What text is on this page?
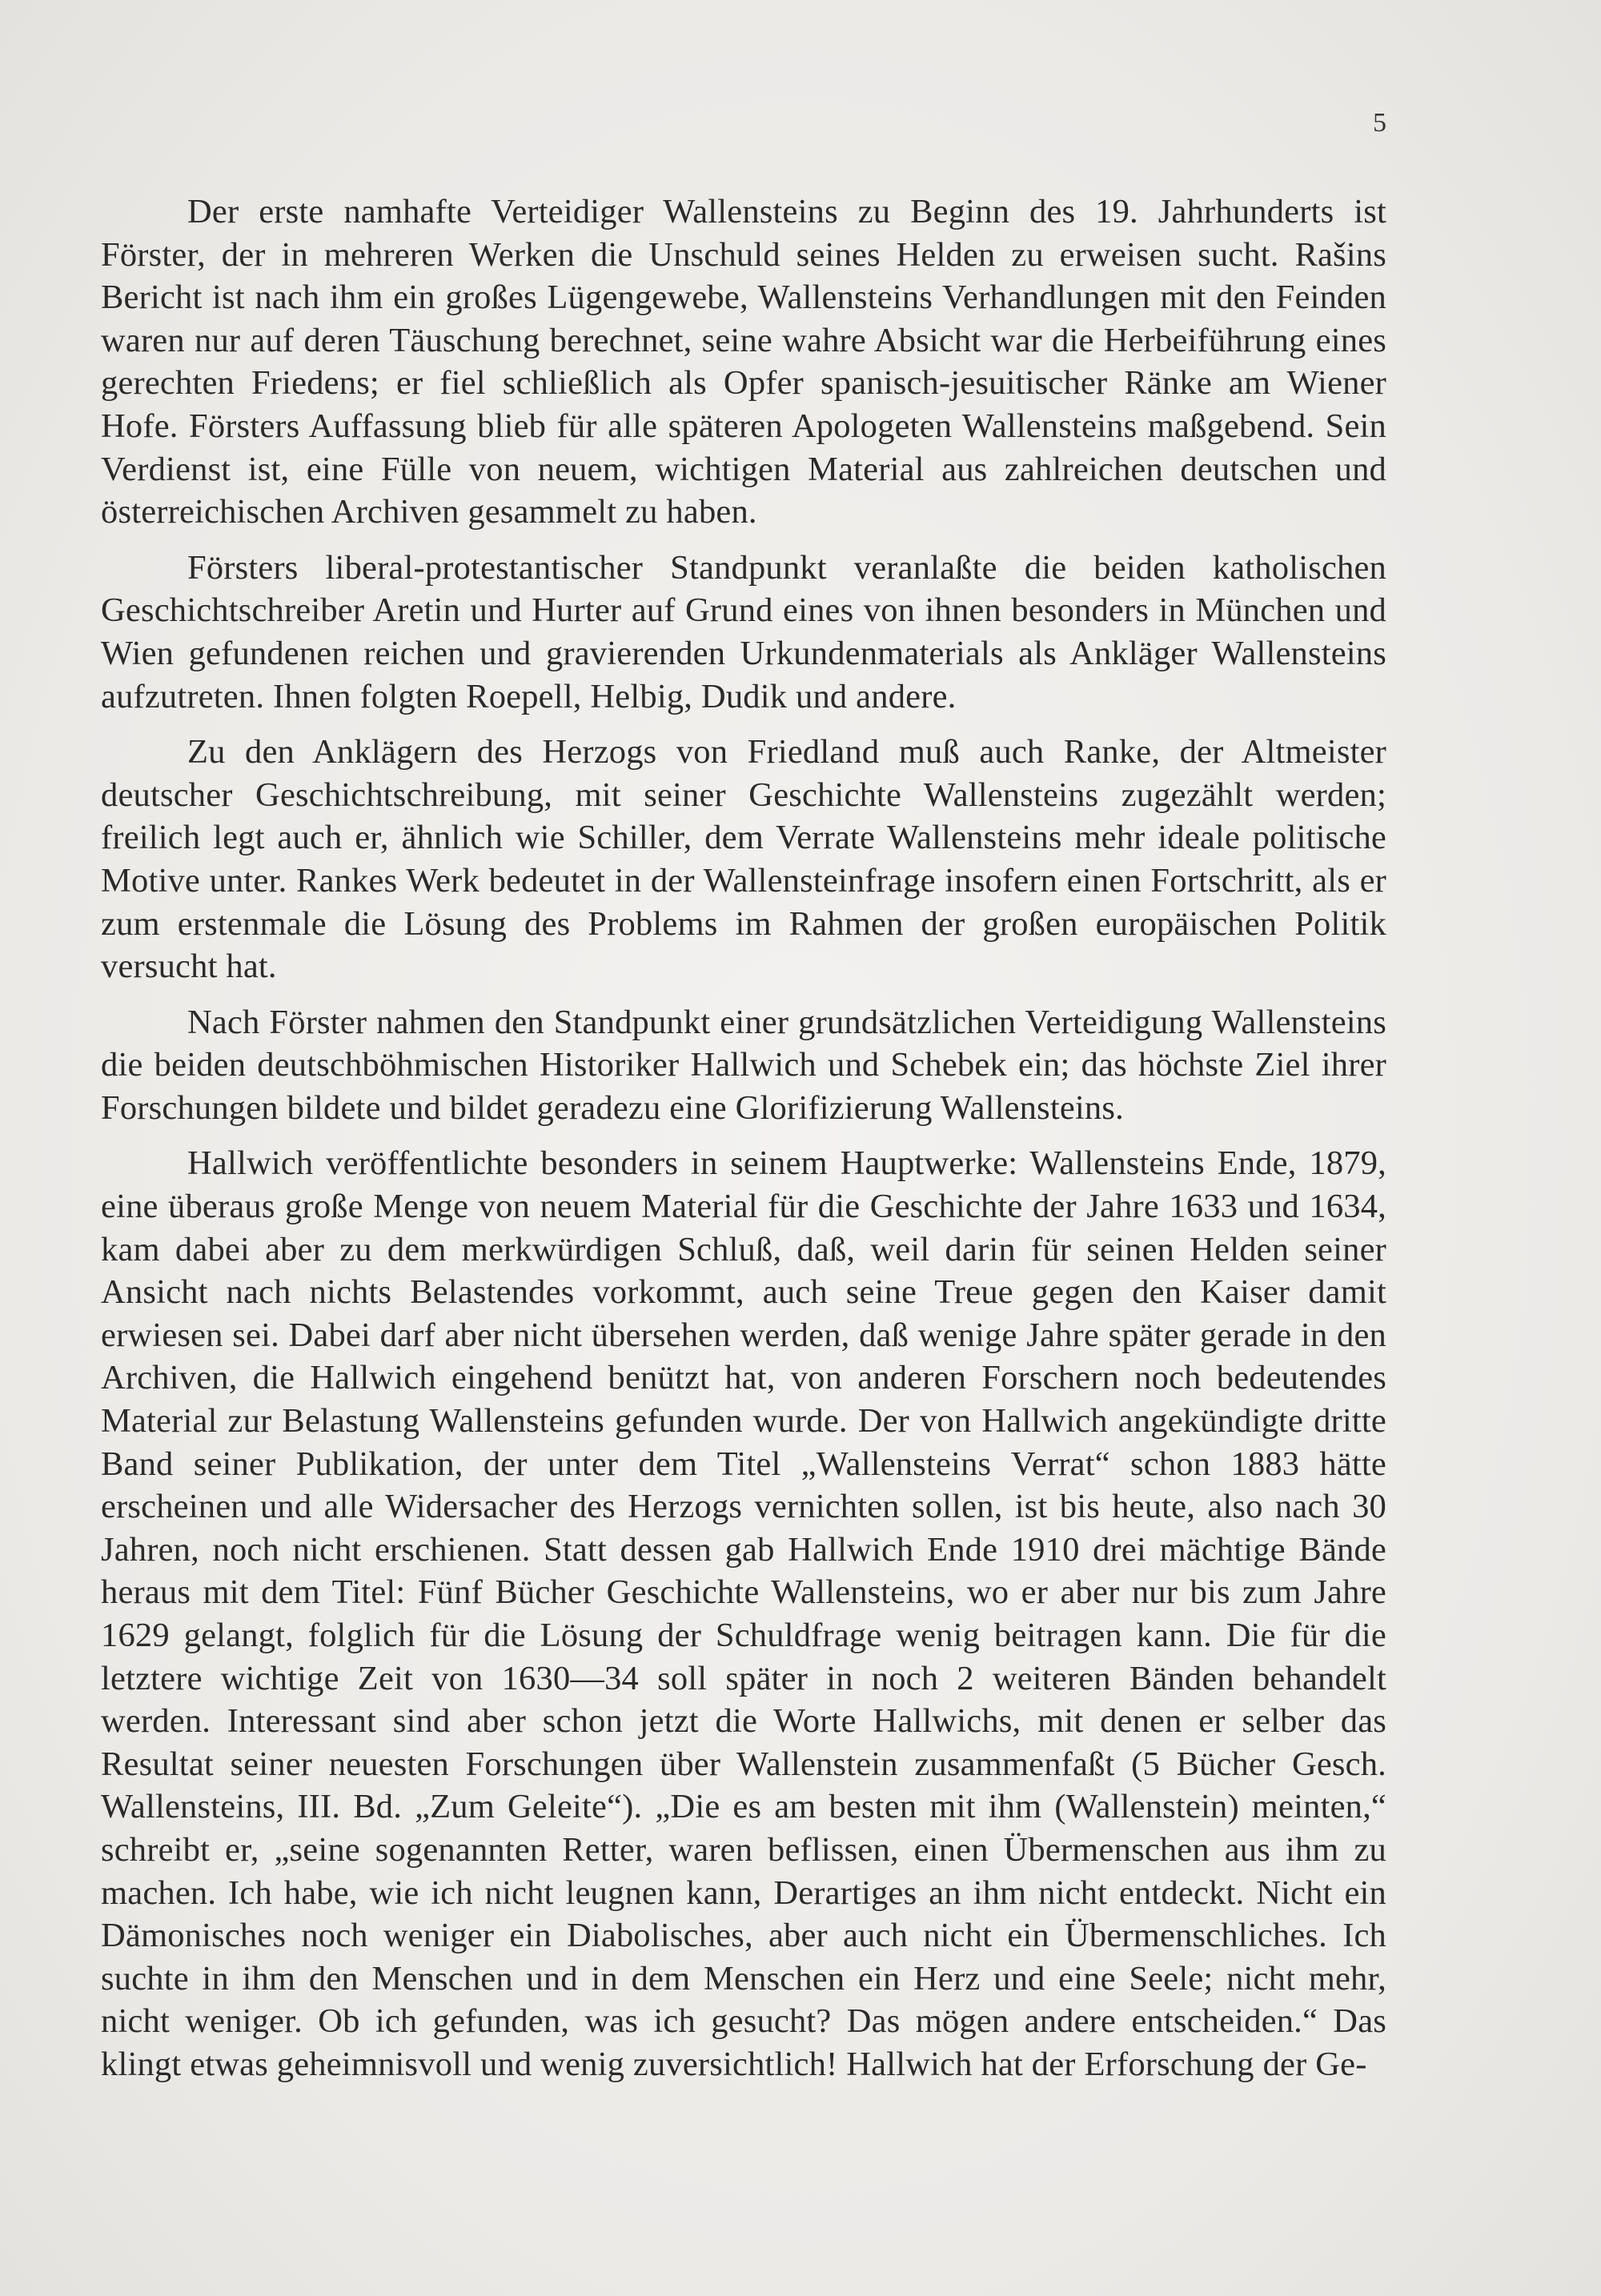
5

Der erste namhafte Verteidiger Wallensteins zu Beginn des 19. Jahrhunderts ist Förster, der in mehreren Werken die Unschuld seines Helden zu erweisen sucht. Rašins Bericht ist nach ihm ein großes Lügengewebe, Wallensteins Verhandlungen mit den Feinden waren nur auf deren Täuschung berechnet, seine wahre Absicht war die Herbeiführung eines gerechten Friedens; er fiel schließlich als Opfer spanisch-jesuitischer Ränke am Wiener Hofe. Försters Auffassung blieb für alle späteren Apologeten Wallensteins maßgebend. Sein Verdienst ist, eine Fülle von neuem, wichtigen Material aus zahlreichen deutschen und österreichischen Archiven gesammelt zu haben.

Försters liberal-protestantischer Standpunkt veranlaßte die beiden katholischen Geschichtschreiber Aretin und Hurter auf Grund eines von ihnen besonders in München und Wien gefundenen reichen und gravierenden Urkundenmaterials als Ankläger Wallensteins aufzutreten. Ihnen folgten Roepell, Helbig, Dudik und andere.

Zu den Anklägern des Herzogs von Friedland muß auch Ranke, der Altmeister deutscher Geschichtschreibung, mit seiner Geschichte Wallensteins zugezählt werden; freilich legt auch er, ähnlich wie Schiller, dem Verrate Wallensteins mehr ideale politische Motive unter. Rankes Werk bedeutet in der Wallensteinfrage insofern einen Fortschritt, als er zum erstenmale die Lösung des Problems im Rahmen der großen europäischen Politik versucht hat.

Nach Förster nahmen den Standpunkt einer grundsätzlichen Verteidigung Wallensteins die beiden deutschböhmischen Historiker Hallwich und Schebek ein; das höchste Ziel ihrer Forschungen bildete und bildet geradezu eine Glorifizierung Wallensteins.

Hallwich veröffentlichte besonders in seinem Hauptwerke: Wallensteins Ende, 1879, eine überaus große Menge von neuem Material für die Geschichte der Jahre 1633 und 1634, kam dabei aber zu dem merkwürdigen Schluß, daß, weil darin für seinen Helden seiner Ansicht nach nichts Belastendes vorkommt, auch seine Treue gegen den Kaiser damit erwiesen sei. Dabei darf aber nicht übersehen werden, daß wenige Jahre später gerade in den Archiven, die Hallwich eingehend benützt hat, von anderen Forschern noch bedeutendes Material zur Belastung Wallensteins gefunden wurde. Der von Hallwich angekündigte dritte Band seiner Publikation, der unter dem Titel „Wallensteins Verrat“ schon 1883 hätte erscheinen und alle Widersacher des Herzogs vernichten sollen, ist bis heute, also nach 30 Jahren, noch nicht erschienen. Statt dessen gab Hallwich Ende 1910 drei mächtige Bände heraus mit dem Titel: Fünf Bücher Geschichte Wallensteins, wo er aber nur bis zum Jahre 1629 gelangt, folglich für die Lösung der Schuldfrage wenig beitragen kann. Die für die letztere wichtige Zeit von 1630—34 soll später in noch 2 weiteren Bänden behandelt werden. Interessant sind aber schon jetzt die Worte Hallwichs, mit denen er selber das Resultat seiner neuesten Forschungen über Wallenstein zusammenfaßt (5 Bücher Gesch. Wallensteins, III. Bd. „Zum Geleite“). „Die es am besten mit ihm (Wallenstein) meinten,“ schreibt er, „seine sogenannten Retter, waren beflissen, einen Übermenschen aus ihm zu machen. Ich habe, wie ich nicht leugnen kann, Derartiges an ihm nicht entdeckt. Nicht ein Dämonisches noch weniger ein Diabolisches, aber auch nicht ein Übermenschliches. Ich suchte in ihm den Menschen und in dem Menschen ein Herz und eine Seele; nicht mehr, nicht weniger. Ob ich gefunden, was ich gesucht? Das mögen andere entscheiden.“ Das klingt etwas geheimnisvoll und wenig zuversichtlich! Hallwich hat der Erforschung der Ge-
